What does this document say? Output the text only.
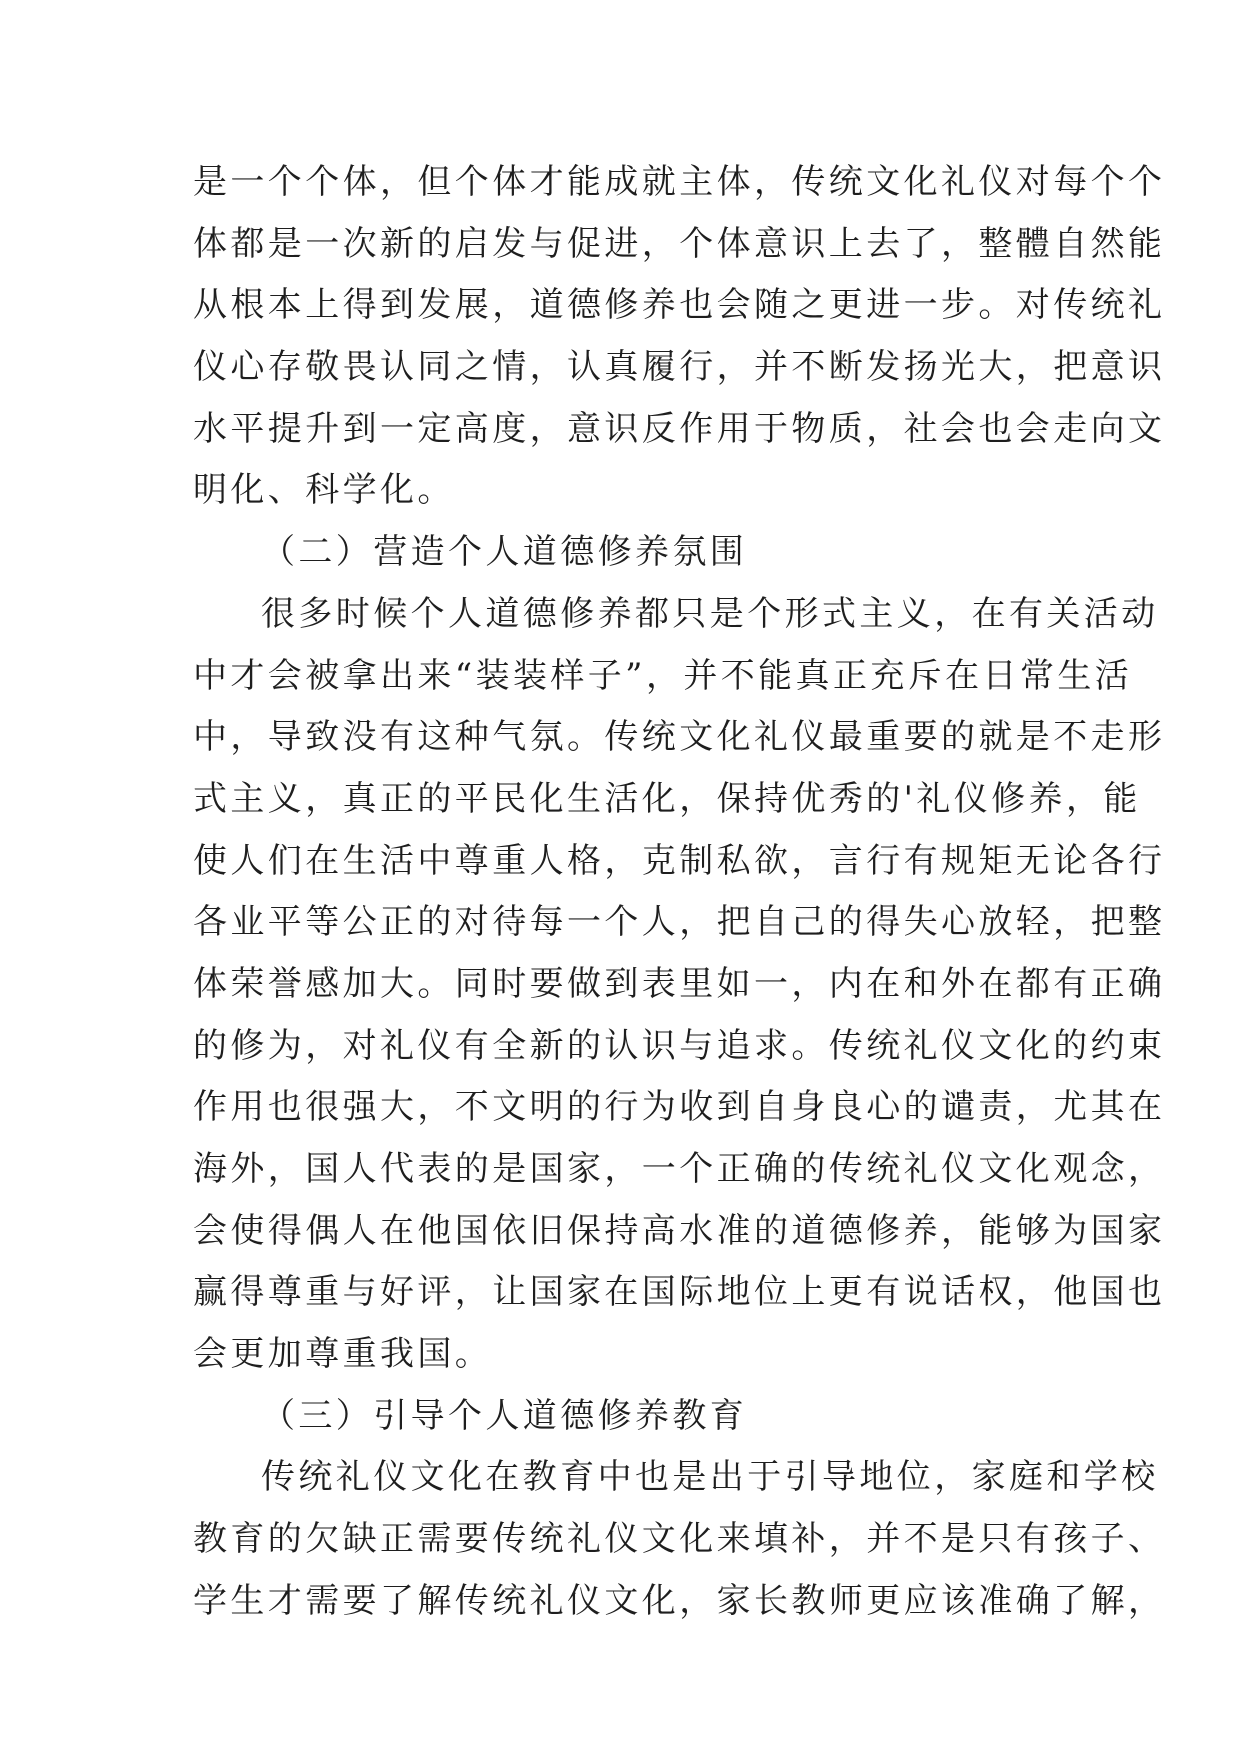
是一个个体，但个体才能成就主体，传统文化礼仪对每个个
体都是一次新的启发与促进，个体意识上去了，整體自然能
从根本上得到发展，道德修养也会随之更进一步。对传统礼
仪心存敬畏认同之情，认真履行，并不断发扬光大，把意识
水平提升到一定高度，意识反作用于物质，社会也会走向文
明化、科学化。
（二）营造个人道德修养氛围
很多时候个人道德修养都只是个形式主义，在有关活动
中才会被拿出来“装装样子”，并不能真正充斥在日常生活
中，导致没有这种气氛。传统文化礼仪最重要的就是不走形
式主义，真正的平民化生活化，保持优秀的'礼仪修养，能
使人们在生活中尊重人格，克制私欲，言行有规矩无论各行
各业平等公正的对待每一个人，把自己的得失心放轻，把整
体荣誉感加大。同时要做到表里如一，内在和外在都有正确
的修为，对礼仪有全新的认识与追求。传统礼仪文化的约束
作用也很强大，不文明的行为收到自身良心的谴责，尤其在
海外，国人代表的是国家，一个正确的传统礼仪文化观念，
会使得偶人在他国依旧保持高水准的道德修养，能够为国家
赢得尊重与好评，让国家在国际地位上更有说话权，他国也
会更加尊重我国。
（三）引导个人道德修养教育
传统礼仪文化在教育中也是出于引导地位，家庭和学校
教育的欠缺正需要传统礼仪文化来填补，并不是只有孩子、
学生才需要了解传统礼仪文化，家长教师更应该准确了解，
